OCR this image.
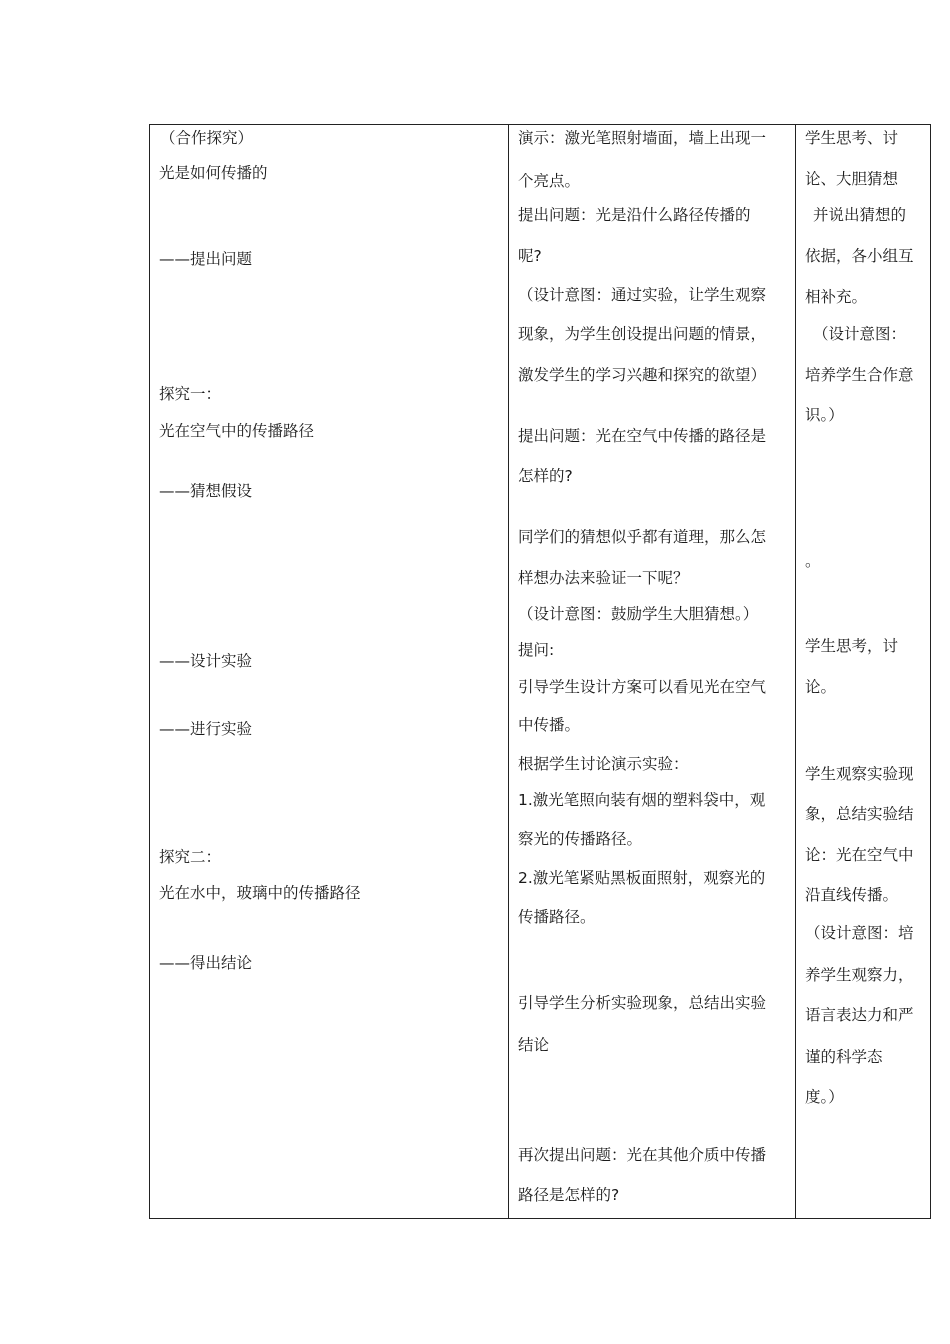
（合作探究）
光是如何传播的
——提出问题
探究一：
光在空气中的传播路径
——猜想假设
——设计实验
——进行实验
探究二：
光在水中，玻璃中的传播路径
——得出结论
演示：激光笔照射墙面，墙上出现一
个亮点。
提出问题：光是沿什么路径传播的
呢?
（设计意图：通过实验，让学生观察
现象，为学生创设提出问题的情景，
激发学生的学习兴趣和探究的欲望）
提出问题：光在空气中传播的路径是
怎样的?
同学们的猜想似乎都有道理，那么怎
样想办法来验证一下呢？
（设计意图：鼓励学生大胆猜想。）
提问:
引导学生设计方案可以看见光在空气
中传播。
根据学生讨论演示实验：
1.激光笔照向装有烟的塑料袋中，观
察光的传播路径。
2.激光笔紧贴黑板面照射，观察光的
传播路径。
引导学生分析实验现象，总结出实验
结论
再次提出问题：光在其他介质中传播
路径是怎样的?
学生思考、讨
论、大胆猜想
并说出猜想的
依据，各小组互
相补充。
（设计意图：
培养学生合作意
识。）
。
学生思考，讨
论。
学生观察实验现
象，总结实验结
论：光在空气中
沿直线传播。
（设计意图：培
养学生观察力，
语言表达力和严
谨的科学态
度。）
